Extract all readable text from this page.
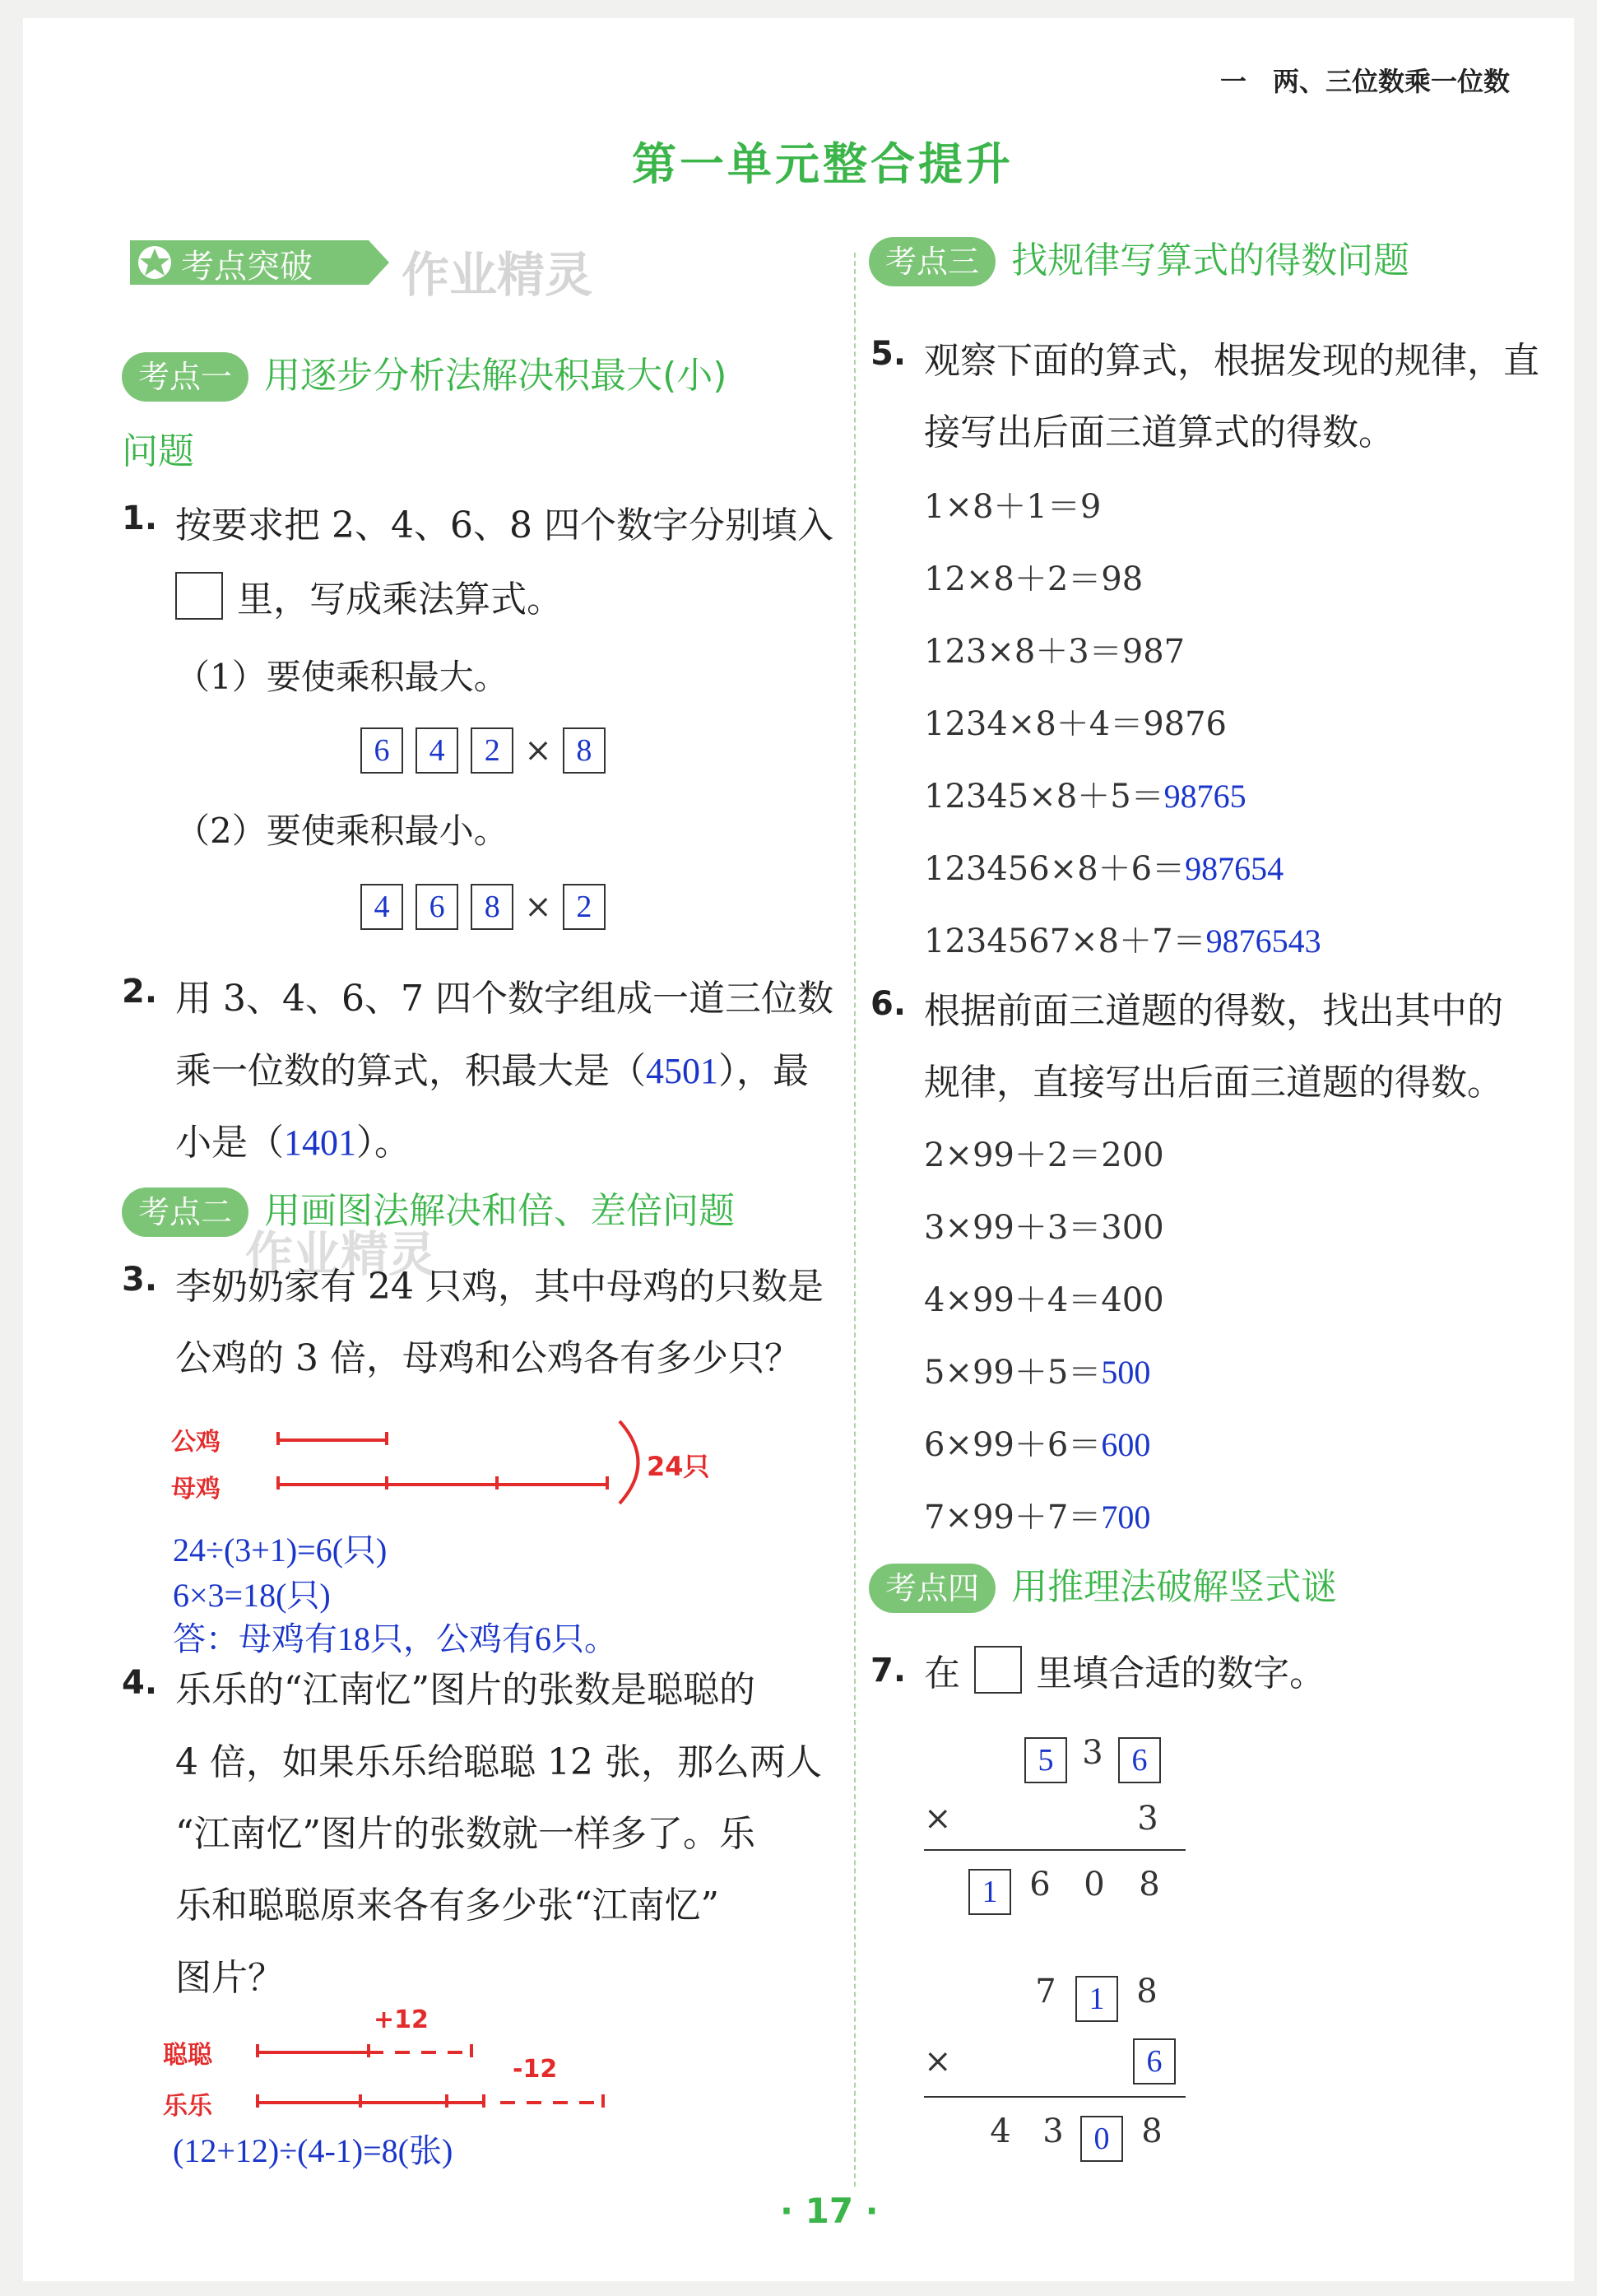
一　两、三位数乘一位数
第一单元整合提升
考点突破 作业精灵
考点一 用逐步分析法解决积最大(小)
问题
1. 按要求把 2、4、6、8 四个数字分别填入
里，写成乘法算式。
（1）要使乘积最大。
6 4 2 × 8
（2）要使乘积最小。
4 6 8 × 2
2. 用 3、4、6、7 四个数字组成一道三位数
乘一位数的算式，积最大是（4501），最
小是（1401）。
考点二 用画图法解决和倍、差倍问题
作业精灵
3. 李奶奶家有 24 只鸡，其中母鸡的只数是
公鸡的 3 倍，母鸡和公鸡各有多少只？
公鸡
母鸡
24只
24÷(3+1)=6(只)
6×3=18(只)
答：母鸡有18只，公鸡有6只。
4. 乐乐的“江南忆”图片的张数是聪聪的
4 倍，如果乐乐给聪聪 12 张，那么两人
“江南忆”图片的张数就一样多了。乐
乐和聪聪原来各有多少张“江南忆”
图片？
聪聪
乐乐
+12
-12
(12+12)÷(4-1)=8(张)
考点三 找规律写算式的得数问题
5. 观察下面的算式，根据发现的规律，直
接写出后面三道算式的得数。
1×8＋1＝9
12×8＋2＝98
123×8＋3＝987
1234×8＋4＝9876
12345×8＋5＝98765
123456×8＋6＝987654
1234567×8＋7＝9876543
6. 根据前面三道题的得数，找出其中的
规律，直接写出后面三道题的得数。
2×99＋2＝200
3×99＋3＝300
4×99＋4＝400
5×99＋5＝500
6×99＋6＝600
7×99＋7＝700
考点四 用推理法破解竖式谜
7. 在 里填合适的数字。
5 3 6
×	3
1 6 0 8
7 1 8
×	6
4 3 0 8
· 17 ·
